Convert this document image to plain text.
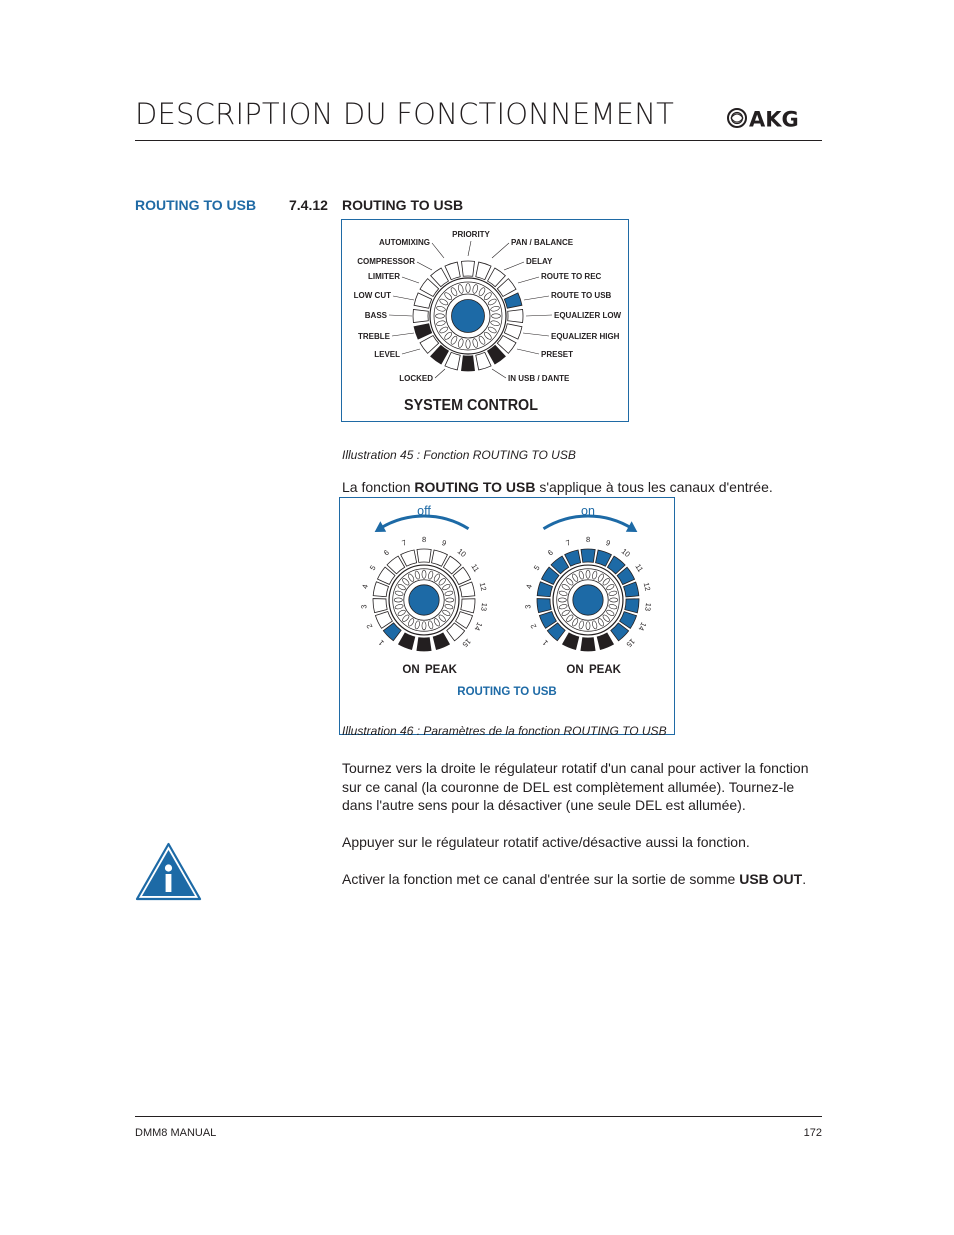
DESCRIPTION DU FONCTIONNEMENT	AKG
ROUTING TO USB 7.4.12 ROUTING TO USB
PRIORITY
AUTOMIXING
COMPRESSOR
LIMITER
LOW CUT
BASS
TREBLE
LEVEL
LOCKED
PAN / BALANCE
DELAY
ROUTE TO REC
ROUTE TO USB
EQUALIZER LOW
EQUALIZER HIGH
PRESET
IN USB / DANTE
SYSTEM CONTROL
Illustration 45 : Fonction ROUTING TO USB
La fonction ROUTING TO USB s'applique à tous les canaux d'entrée.
1
2
3
4
5
6
7 8 9
10
11
12
13
14
15
off
ON PEAK
1
2
3
4
5
6
7 8 9
10
11
12
13
14
15
on
ON PEAK
ROUTING TO USB
Illustration 46 : Paramètres de la fonction ROUTING TO USB
Tournez vers la droite le régulateur rotatif d'un canal pour activer la fonction sur ce canal (la couronne de DEL est complètement allumée). Tournez-le dans l'autre sens pour la désactiver (une seule DEL est allumée).
Appuyer sur le régulateur rotatif active/désactive aussi la fonction.
Activer la fonction met ce canal d'entrée sur la sortie de somme USB OUT.
DMM8 MANUAL	172
